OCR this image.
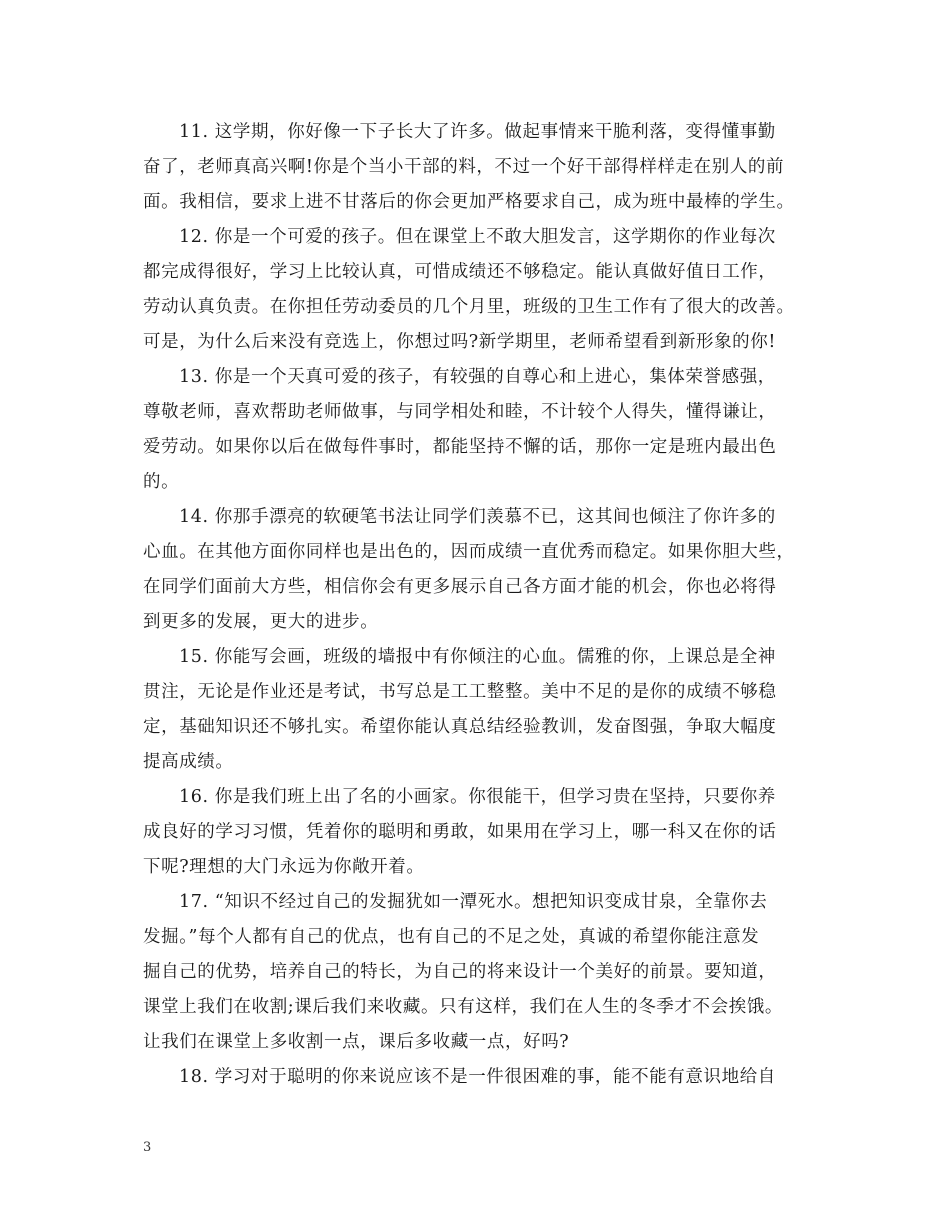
11. 这学期，你好像一下子长大了许多。做起事情来干脆利落，变得懂事勤
奋了，老师真高兴啊!你是个当小干部的料，不过一个好干部得样样走在别人的前
面。我相信，要求上进不甘落后的你会更加严格要求自己，成为班中最棒的学生。
12. 你是一个可爱的孩子。但在课堂上不敢大胆发言，这学期你的作业每次
都完成得很好，学习上比较认真，可惜成绩还不够稳定。能认真做好值日工作，
劳动认真负责。在你担任劳动委员的几个月里，班级的卫生工作有了很大的改善。
可是，为什么后来没有竞选上，你想过吗?新学期里，老师希望看到新形象的你!
13. 你是一个天真可爱的孩子，有较强的自尊心和上进心，集体荣誉感强，
尊敬老师，喜欢帮助老师做事，与同学相处和睦，不计较个人得失，懂得谦让，
爱劳动。如果你以后在做每件事时，都能坚持不懈的话，那你一定是班内最出色
的。
14. 你那手漂亮的软硬笔书法让同学们羡慕不已，这其间也倾注了你许多的
心血。在其他方面你同样也是出色的，因而成绩一直优秀而稳定。如果你胆大些，
在同学们面前大方些，相信你会有更多展示自己各方面才能的机会，你也必将得
到更多的发展，更大的进步。
15. 你能写会画，班级的墙报中有你倾注的心血。儒雅的你，上课总是全神
贯注，无论是作业还是考试，书写总是工工整整。美中不足的是你的成绩不够稳
定，基础知识还不够扎实。希望你能认真总结经验教训，发奋图强，争取大幅度
提高成绩。
16. 你是我们班上出了名的小画家。你很能干，但学习贵在坚持，只要你养
成良好的学习习惯，凭着你的聪明和勇敢，如果用在学习上，哪一科又在你的话
下呢?理想的大门永远为你敞开着。
17. “知识不经过自己的发掘犹如一潭死水。想把知识变成甘泉，全靠你去
发掘。”每个人都有自己的优点，也有自己的不足之处，真诚的希望你能注意发
掘自己的优势，培养自己的特长，为自己的将来设计一个美好的前景。要知道，
课堂上我们在收割;课后我们来收藏。只有这样，我们在人生的冬季才不会挨饿。
让我们在课堂上多收割一点，课后多收藏一点，好吗?
18. 学习对于聪明的你来说应该不是一件很困难的事，能不能有意识地给自
3
